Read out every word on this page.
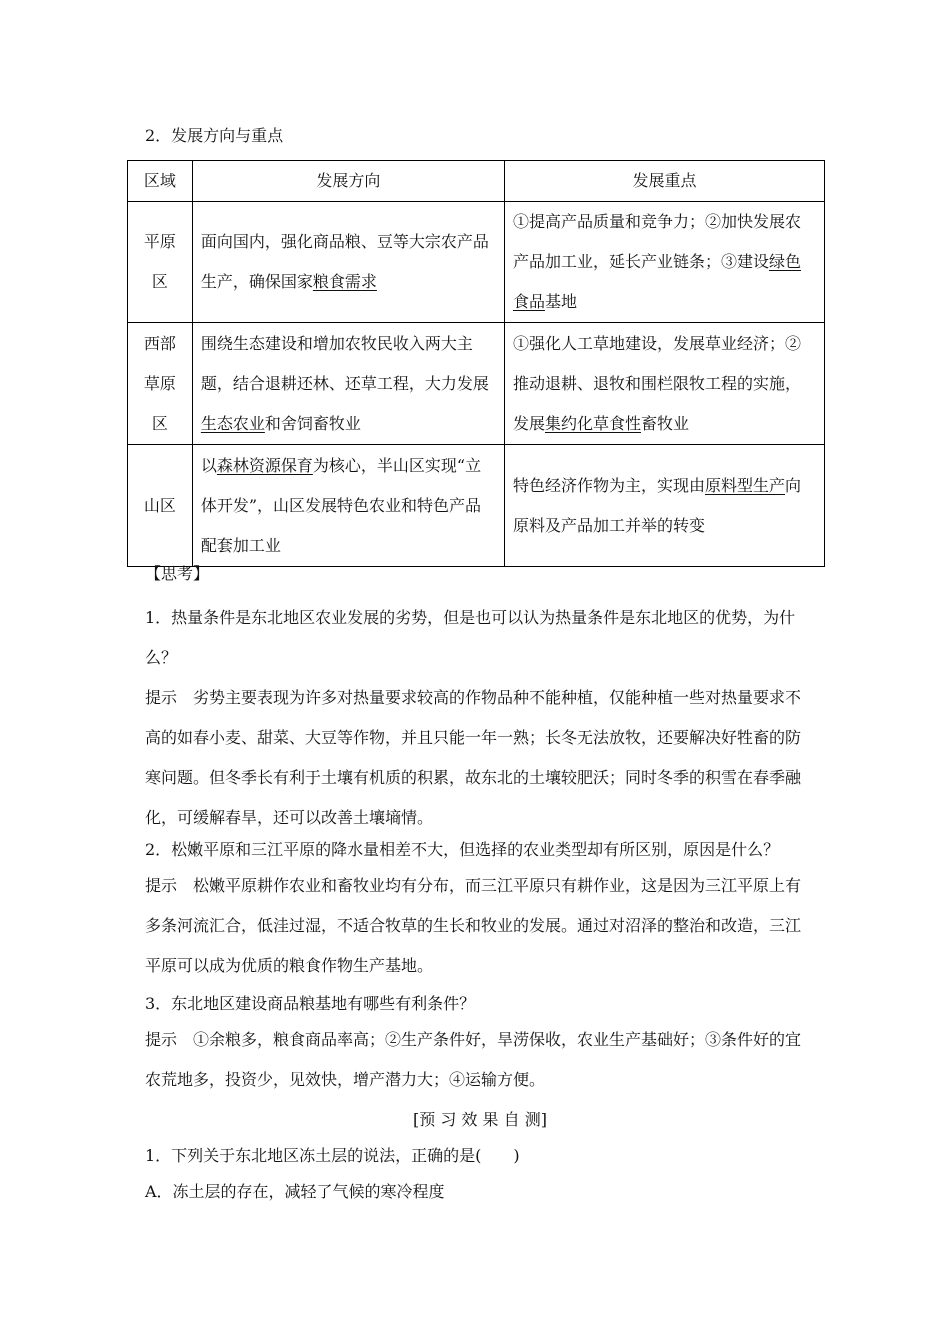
2．发展方向与重点

区域	发展方向	发展重点
平原区	面向国内，强化商品粮、豆等大宗农产品生产，确保国家粮食需求	①提高产品质量和竞争力；②加快发展农产品加工业，延长产业链条；③建设绿色食品基地
西部草原区	围绕生态建设和增加农牧民收入两大主题，结合退耕还林、还草工程，大力发展生态农业和舍饲畜牧业	①强化人工草地建设，发展草业经济；②推动退耕、退牧和围栏限牧工程的实施，发展集约化草食性畜牧业
山区	以森林资源保育为核心，半山区实现“立体开发”，山区发展特色农业和特色产品配套加工业	特色经济作物为主，实现由原料型生产向原料及产品加工并举的转变

【思考】

1．热量条件是东北地区农业发展的劣势，但是也可以认为热量条件是东北地区的优势，为什么？

提示　劣势主要表现为许多对热量要求较高的作物品种不能种植，仅能种植一些对热量要求不高的如春小麦、甜菜、大豆等作物，并且只能一年一熟；长冬无法放牧，还要解决好牲畜的防寒问题。但冬季长有利于土壤有机质的积累，故东北的土壤较肥沃；同时冬季的积雪在春季融化，可缓解春旱，还可以改善土壤墒情。

2．松嫩平原和三江平原的降水量相差不大，但选择的农业类型却有所区别，原因是什么？

提示　松嫩平原耕作农业和畜牧业均有分布，而三江平原只有耕作业，这是因为三江平原上有多条河流汇合，低洼过湿，不适合牧草的生长和牧业的发展。通过对沼泽的整治和改造，三江平原可以成为优质的粮食作物生产基地。

3．东北地区建设商品粮基地有哪些有利条件？

提示　①余粮多，粮食商品率高；②生产条件好，旱涝保收，农业生产基础好；③条件好的宜农荒地多，投资少，见效快，增产潜力大；④运输方便。

[预 习 效 果 自 测]

1．下列关于东北地区冻土层的说法，正确的是(　　)

A．冻土层的存在，减轻了气候的寒冷程度
